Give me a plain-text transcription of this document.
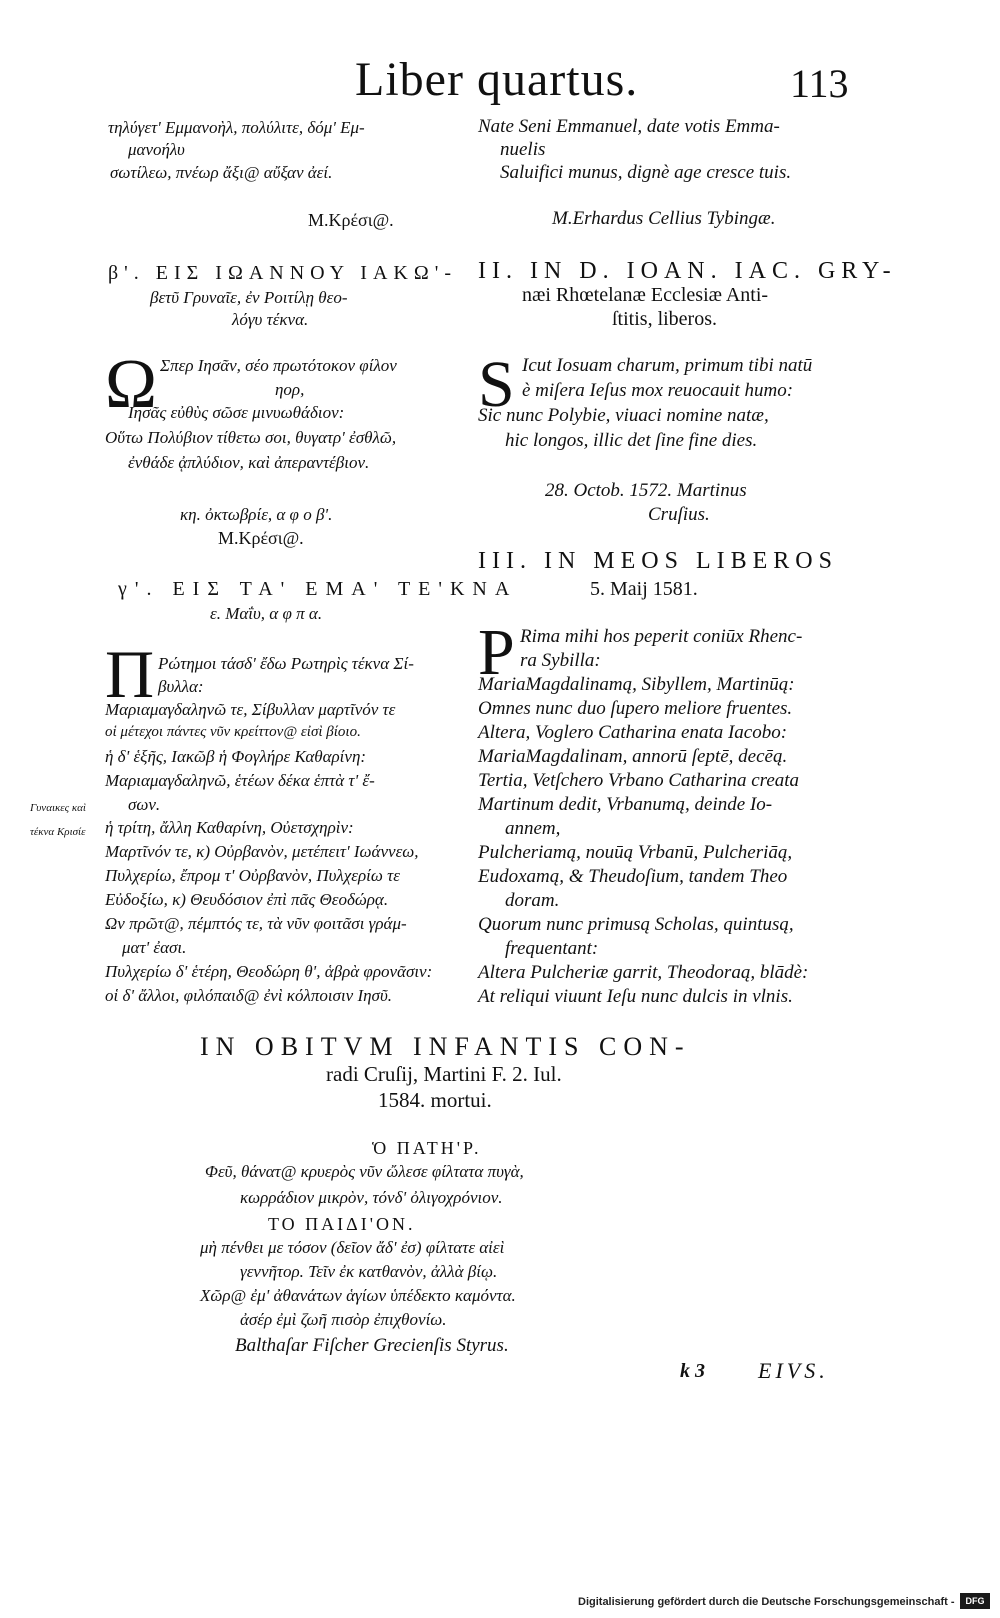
Liber quartus.	113
τηλύγετ' Εμμανοὴλ, πολύλιτε, δόμ' Εμ-
μανοήλυ
σωτίλεω, πνέωρ ἄξι@ αὔξαν ἀεί.
M.Κρέσι@.
β'. ΕΙΣ ΙΩΑΝΝΟΥ ΙΑΚΩ'-
βετῦ Γρυναῖε, ἐν Ροιτίλῃ θεο-
λόγυ τέκνα.
Ω Σπερ Ιησᾶν, σέο πρωτότοκον φίλον
ηορ,
Ιησᾶς εὐθὺς σῶσε μινυωθάδιον:
Οὕτω Πολύβιον τίθετω σοι, θυγατρ' ἐσθλῶ,
ἐνθάδε ᾀπλύδιον, καὶ ἀπεραντέβιον.
κη. ὀκτωβρίε, α φ ο β'.
M.Κρέσι@.
γ'. ΕΙΣ ΤΑ' ΕΜΑ' ΤΕ'ΚΝΑ
ε. Μαΐυ, α φ π α.
Π Ρώτημοι τάσδ' ἔδω Ρωτηρὶς τέκνα Σί-
βυλλα:
Μαριαμαγδαληνῶ τε, Σίβυλλαν μαρτῖνόν τε
οἱ μέτεχοι πάντες νῦν κρείττον@ εἰσὶ βίοιο.
ἡ δ' ἑξῆς, Ιακῶβ ἡ Φογλήρε Καθαρίνη:
Μαριαμαγδαληνῶ, ἑτέων δέκα ἑπτὰ τ' ἔ-
σων.
ἡ τρίτη, ἄλλη Καθαρίνη, Οὐετσχηρὶν:
Μαρτῖνόν τε, κ) Οὐρβανὸν, μετέπειτ' Ιωάννεω,
Πυλχερίω, ἔπρομ τ' Οὐρβανὸν, Πυλχερίω τε
Εὐδοξίω, κ) Θευδόσιον ἐπὶ πᾶς Θεοδώρᾳ.
Ων πρῶτ@, πέμπτός τε, τὰ νῦν φοιτᾶσι γράμ-
ματ' ἐασι.
Πυλχερίω δ' ἑτέρη, Θεοδώρη θ', ἁβρὰ φρονᾶσιν:
οἱ δ' ἄλλοι, φιλόπαιδ@ ἐνὶ κόλποισιν Ιησῦ.
Γυναικες καὶ
τέκνα Κρισίε
Nate Seni Emmanuel, date votis Emma-
nuelis
Saluifici munus, dignè age cresce tuis.
M.Erhardus Cellius Tybingæ.
II. IN D. IOAN. IAC. GRY-
næi Rhœtelanæ Ecclesiæ Anti-
ſtitis, liberos.
S Icut Iosuam charum, primum tibi natū
è miſera Ieſus mox reuocauit humo:
Sic nunc Polybie, viuaci nomine natæ,
hic longos, illic det ſine fine dies.
28. Octob. 1572. Martinus
Cruſius.
III. IN MEOS LIBEROS
5. Maij 1581.
P Rima mihi hos peperit coniūx Rhenc-
ra Sybilla:
MariaMagdalinamą, Sibyllem, Martinūą:
Omnes nunc duo ſupero meliore fruentes.
Altera, Voglero Catharina enata Iacobo:
MariaMagdalinam, annorū ſeptē, decēą.
Tertia, Vetſchero Vrbano Catharina creata
Martinum dedit, Vrbanumą, deinde Io-
annem,
Pulcheriamą, nouūą Vrbanū, Pulcheriāą,
Eudoxamą, & Theudoſium, tandem Theo
doram.
Quorum nunc primusą Scholas, quintusą,
frequentant:
Altera Pulcheriæ garrit, Theodoraą, blādè:
At reliqui viuunt Ieſu nunc dulcis in vlnis.
IN OBITVM INFANTIS CON-
radi Cruſij, Martini F. 2. Iul.
1584. mortui.
Ὁ ΠΑΤΗ'Ρ.
Φεῦ, θάνατ@ κρυερὸς νῦν ὤλεσε φίλτατα πυγὰ,
κωρράδιον μικρὸν, τόνδ' ὀλιγοχρόνιον.
ΤΟ ΠΑΙΔΙ'ΟΝ.
μὴ πένθει με τόσον (δεῖον ἄδ' ἐσ) φίλτατε αἰεὶ
γεννῆτορ. Τεῖν ἐκ κατθανὸν, ἀλλὰ βίῳ.
Χῶρ@ ἐμ' ἀθανάτων ἁγίων ὑπέδεκτο καμόντα.
ἀσέρ ἐμὶ ζωῆ πισὸρ ἐπιχθονίω.
Balthaſar Fiſcher Grecienſis Styrus.
k 3 EIVS.
Digitalisierung gefördert durch die Deutsche Forschungsgemeinschaft -	DFG
